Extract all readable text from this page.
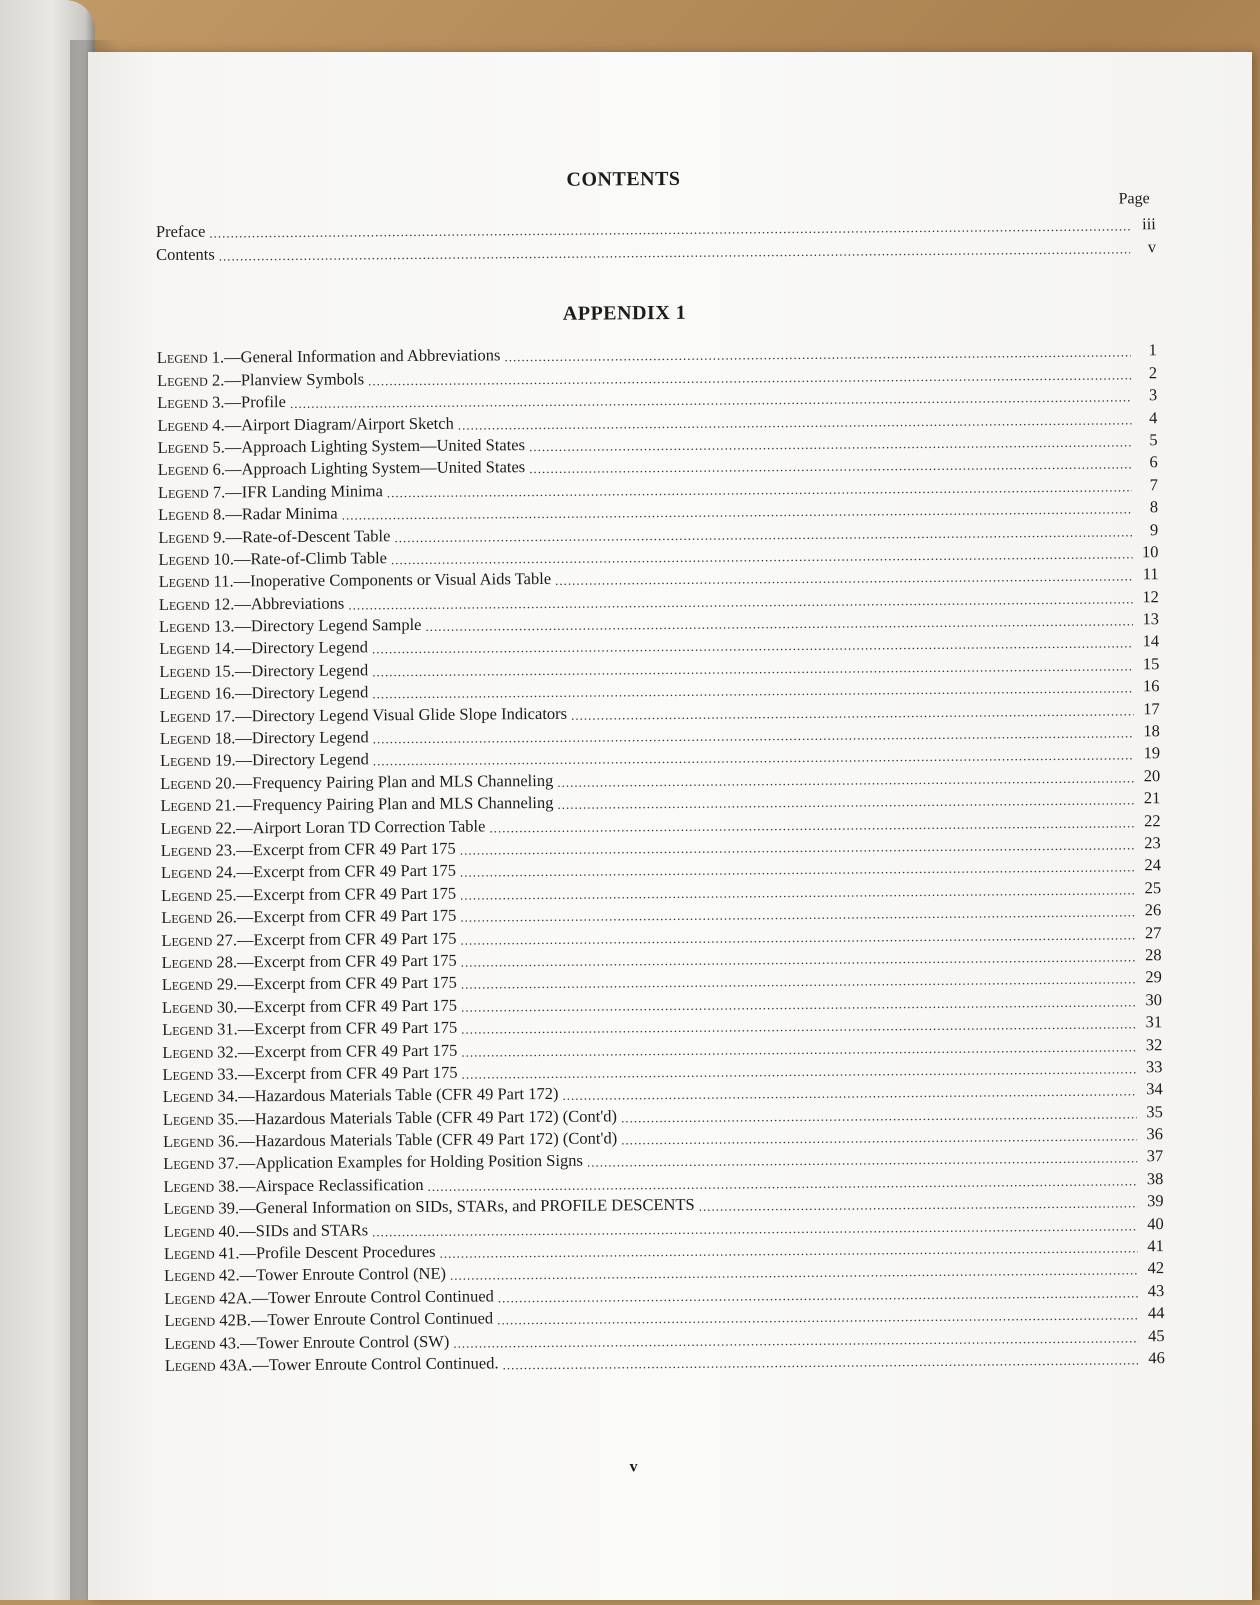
CONTENTS
Page
Preface .....	iii
Contents .....	v
APPENDIX 1
Legend 1.—General Information and Abbreviations .....	1
Legend 2.—Planview Symbols .....	2
Legend 3.—Profile .....	3
Legend 4.—Airport Diagram/Airport Sketch .....	4
Legend 5.—Approach Lighting System—United States .....	5
Legend 6.—Approach Lighting System—United States .....	6
Legend 7.—IFR Landing Minima .....	7
Legend 8.—Radar Minima .....	8
Legend 9.—Rate-of-Descent Table .....	9
Legend 10.—Rate-of-Climb Table .....	10
Legend 11.—Inoperative Components or Visual Aids Table .....	11
Legend 12.—Abbreviations .....	12
Legend 13.—Directory Legend Sample .....	13
Legend 14.—Directory Legend .....	14
Legend 15.—Directory Legend .....	15
Legend 16.—Directory Legend .....	16
Legend 17.—Directory Legend Visual Glide Slope Indicators .....	17
Legend 18.—Directory Legend .....	18
Legend 19.—Directory Legend .....	19
Legend 20.—Frequency Pairing Plan and MLS Channeling .....	20
Legend 21.—Frequency Pairing Plan and MLS Channeling .....	21
Legend 22.—Airport Loran TD Correction Table .....	22
Legend 23.—Excerpt from CFR 49 Part 175 .....	23
Legend 24.—Excerpt from CFR 49 Part 175 .....	24
Legend 25.—Excerpt from CFR 49 Part 175 .....	25
Legend 26.—Excerpt from CFR 49 Part 175 .....	26
Legend 27.—Excerpt from CFR 49 Part 175 .....	27
Legend 28.—Excerpt from CFR 49 Part 175 .....	28
Legend 29.—Excerpt from CFR 49 Part 175 .....	29
Legend 30.—Excerpt from CFR 49 Part 175 .....	30
Legend 31.—Excerpt from CFR 49 Part 175 .....	31
Legend 32.—Excerpt from CFR 49 Part 175 .....	32
Legend 33.—Excerpt from CFR 49 Part 175 .....	33
Legend 34.—Hazardous Materials Table (CFR 49 Part 172) .....	34
Legend 35.—Hazardous Materials Table (CFR 49 Part 172) (Cont'd) .....	35
Legend 36.—Hazardous Materials Table (CFR 49 Part 172) (Cont'd) .....	36
Legend 37.—Application Examples for Holding Position Signs .....	37
Legend 38.—Airspace Reclassification .....	38
Legend 39.—General Information on SIDs, STARs, and PROFILE DESCENTS .....	39
Legend 40.—SIDs and STARs .....	40
Legend 41.—Profile Descent Procedures .....	41
Legend 42.—Tower Enroute Control (NE) .....	42
Legend 42A.—Tower Enroute Control Continued .....	43
Legend 42B.—Tower Enroute Control Continued .....	44
Legend 43.—Tower Enroute Control (SW) .....	45
Legend 43A.—Tower Enroute Control Continued. .....	46
v
